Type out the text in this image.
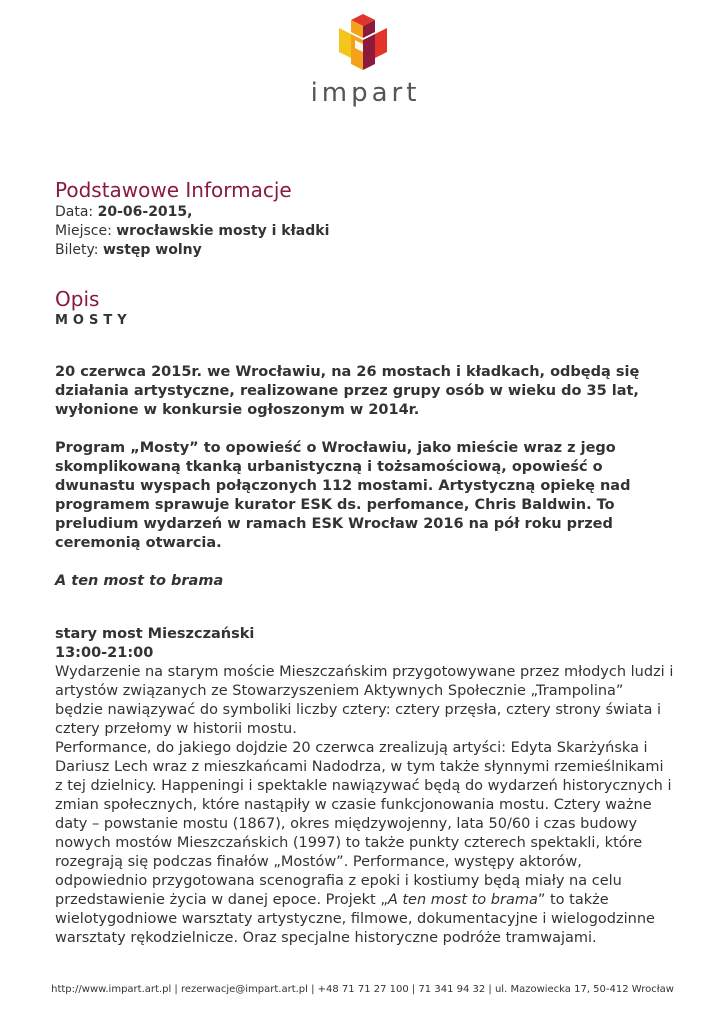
impart
Podstawowe Informacje

Data: 20-06-2015,

Miejsce: wrocławskie mosty i kładki

Bilety: wstęp wolny

Opis

MOSTY

20 czerwca 2015r. we Wrocławiu, na 26 mostach i kładkach, odbędą się działania artystyczne, realizowane przez grupy osób w wieku do 35 lat, wyłonione w konkursie ogłoszonym w 2014r.

Program „Mosty” to opowieść o Wrocławiu, jako mieście wraz z jego skomplikowaną tkanką urbanistyczną i tożsamościową, opowieść o dwunastu wyspach połączonych 112 mostami. Artystyczną opiekę nad programem sprawuje kurator ESK ds. perfomance, Chris Baldwin. To preludium wydarzeń w ramach ESK Wrocław 2016 na pół roku przed ceremonią otwarcia.

A ten most to brama

stary most Mieszczański

13:00-21:00

Wydarzenie na starym moście Mieszczańskim przygotowywane przez młodych ludzi i artystów związanych ze Stowarzyszeniem Aktywnych Społecznie „Trampolina” będzie nawiązywać do symboliki liczby cztery: cztery przęsła, cztery strony świata i cztery przełomy w historii mostu.

Performance, do jakiego dojdzie 20 czerwca zrealizują artyści: Edyta Skarżyńska i Dariusz Lech wraz z mieszkańcami Nadodrza, w tym także słynnymi rzemieślnikami z tej dzielnicy. Happeningi i spektakle nawiązywać będą do wydarzeń historycznych i zmian społecznych, które nastąpiły w czasie funkcjonowania mostu. Cztery ważne daty – powstanie mostu (1867), okres międzywojenny, lata 50/60 i czas budowy nowych mostów Mieszczańskich (1997) to także punkty czterech spektakli, które rozegrają się podczas finałów „Mostów”. Performance, występy aktorów, odpowiednio przygotowana scenografia z epoki i kostiumy będą miały na celu przedstawienie życia w danej epoce. Projekt „A ten most to brama” to także wielotygodniowe warsztaty artystyczne, filmowe, dokumentacyjne i wielogodzinne warsztaty rękodzielnicze. Oraz specjalne historyczne podróże tramwajami.

http://www.impart.art.pl | rezerwacje@impart.art.pl | +48 71 71 27 100 | 71 341 94 32 | ul. Mazowiecka 17, 50-412 Wrocław
